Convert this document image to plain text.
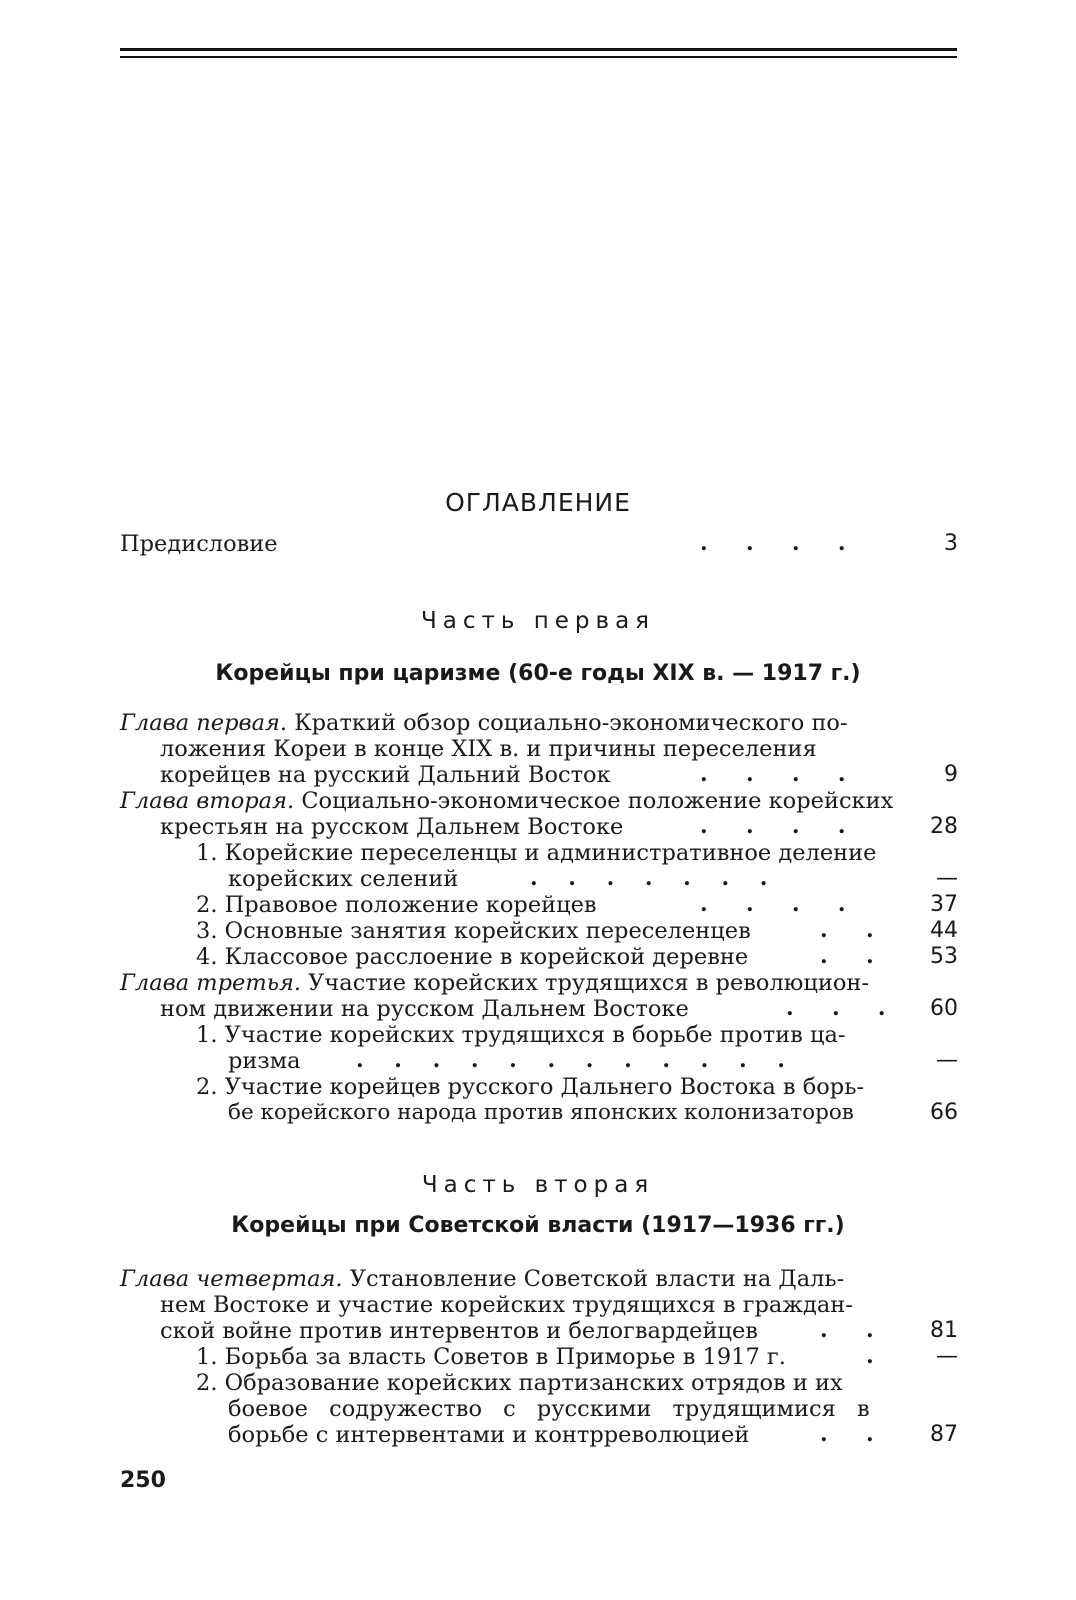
ОГЛАВЛЕНИЕ
Предисловие	.     .     .     .	3
Часть первая
Корейцы при царизме (60-е годы XIX в. — 1917 г.)
Глава первая. Краткий обзор социально-экономического по-
ложения Кореи в конце XIX в. и причины переселения
корейцев на русский Дальний Восток	.     .     .     .	9
Глава вторая. Социально-экономическое положение корейских
крестьян на русском Дальнем Востоке	.     .     .     .	28
1. Корейские переселенцы и административное деление
корейских селений	.    .    .    .    .    .    .	—
2. Правовое положение корейцев	.     .     .     .	37
3. Основные занятия корейских переселенцев	.     .	44
4. Классовое расслоение в корейской деревне	.     .	53
Глава третья. Участие корейских трудящихся в революцион-
ном движении на русском Дальнем Востоке	.     .     .	60
1. Участие корейских трудящихся в борьбе против ца-
ризма	.    .    .    .    .    .    .    .    .    .    .    .	—
2. Участие корейцев русского Дальнего Востока в борь-
бе корейского народа против японских колонизаторов	66
Часть вторая
Корейцы при Советской власти (1917—1936 гг.)
Глава четвертая. Установление Советской власти на Даль-
нем Востоке и участие корейских трудящихся в граждан-
ской войне против интервентов и белогвардейцев	.     .	81
1. Борьба за власть Советов в Приморье в 1917 г.	.	—
2. Образование корейских партизанских отрядов и их
боевое содружество с русскими трудящимися в
борьбе с интервентами и контрреволюцией	.     .	87
250
